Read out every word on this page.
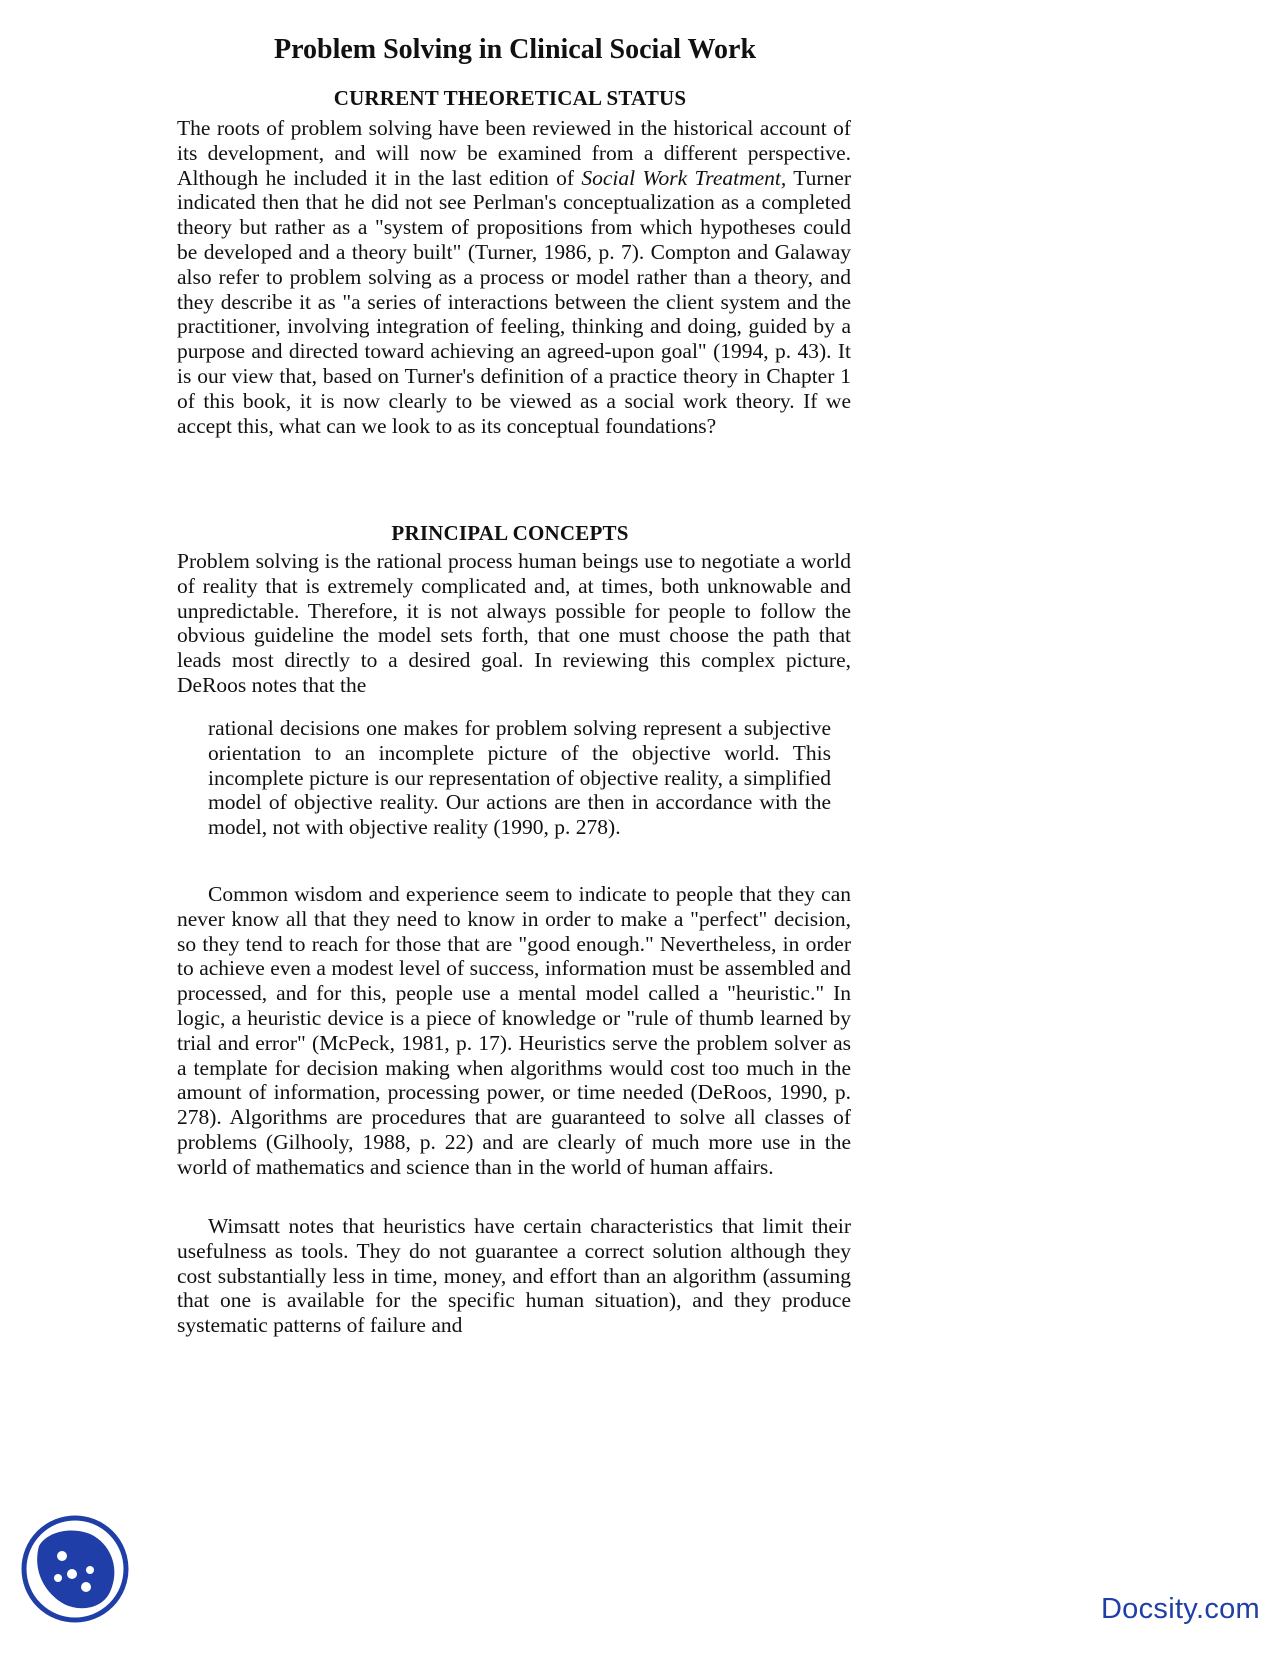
Problem Solving in Clinical Social Work
CURRENT THEORETICAL STATUS

The roots of problem solving have been reviewed in the historical account of its development, and will now be examined from a different perspective. Although he included it in the last edition of Social Work Treatment, Turner indicated then that he did not see Perlman's conceptualization as a completed theory but rather as a "system of propositions from which hypotheses could be developed and a theory built" (Turner, 1986, p. 7). Compton and Galaway also refer to problem solving as a process or model rather than a theory, and they describe it as "a series of interactions between the client system and the practitioner, involving integration of feeling, thinking and doing, guided by a purpose and directed toward achieving an agreed-upon goal" (1994, p. 43). It is our view that, based on Turner's definition of a practice theory in Chapter 1 of this book, it is now clearly to be viewed as a social work theory. If we accept this, what can we look to as its conceptual foundations?

PRINCIPAL CONCEPTS

Problem solving is the rational process human beings use to negotiate a world of reality that is extremely complicated and, at times, both unknowable and unpredictable. Therefore, it is not always possible for people to follow the obvious guideline the model sets forth, that one must choose the path that leads most directly to a desired goal. In reviewing this complex picture, DeRoos notes that the

rational decisions one makes for problem solving represent a subjective orientation to an incomplete picture of the objective world. This incomplete picture is our representation of objective reality, a simplified model of objective reality. Our actions are then in accordance with the model, not with objective reality (1990, p. 278).

Common wisdom and experience seem to indicate to people that they can never know all that they need to know in order to make a "perfect" decision, so they tend to reach for those that are "good enough." Nevertheless, in order to achieve even a modest level of success, information must be assembled and processed, and for this, people use a mental model called a "heuristic." In logic, a heuristic device is a piece of knowledge or "rule of thumb learned by trial and error" (McPeck, 1981, p. 17). Heuristics serve the problem solver as a template for decision making when algorithms would cost too much in the amount of information, processing power, or time needed (DeRoos, 1990, p. 278). Algorithms are procedures that are guaranteed to solve all classes of problems (Gilhooly, 1988, p. 22) and are clearly of much more use in the world of mathematics and science than in the world of human affairs.

Wimsatt notes that heuristics have certain characteristics that limit their usefulness as tools. They do not guarantee a correct solution although they cost substantially less in time, money, and effort than an algorithm (assuming that one is available for the specific human situation), and they produce systematic patterns of failure and

Docsity.com
